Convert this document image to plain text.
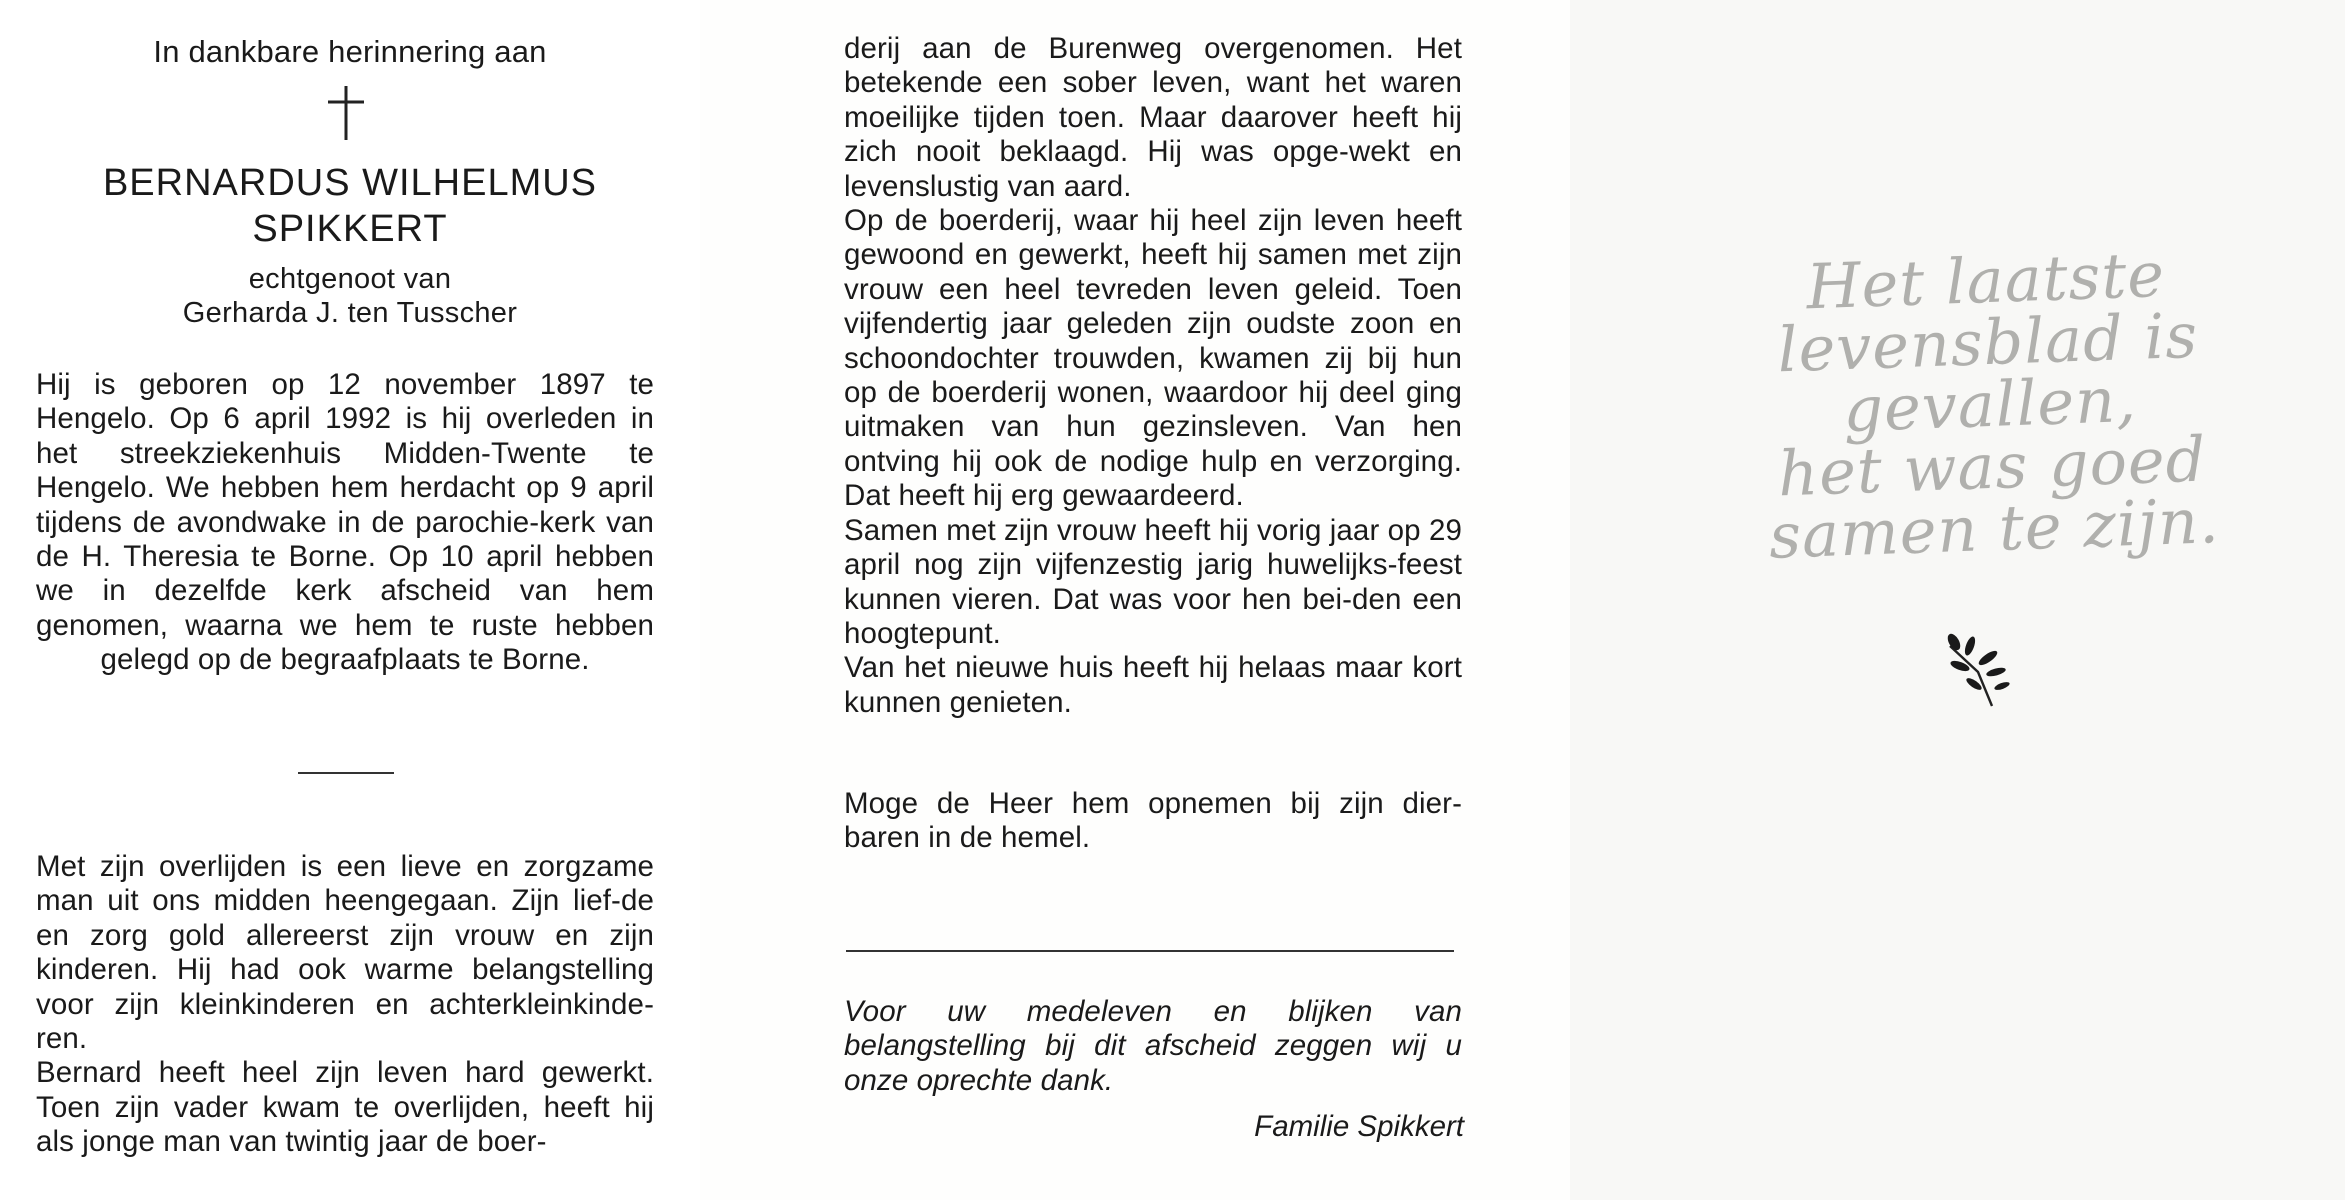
In dankbare herinnering aan
BERNARDUS WILHELMUS
SPIKKERT
echtgenoot van
Gerharda J. ten Tusscher

Hij is geboren op 12 november 1897 te Hengelo. Op 6 april 1992 is hij overleden in het streekziekenhuis Midden-Twente te Hengelo. We hebben hem herdacht op 9 april tijdens de avondwake in de parochie-kerk van de H. Theresia te Borne. Op 10 april hebben we in dezelfde kerk afscheid van hem genomen, waarna we hem te ruste hebben gelegd op de begraafplaats te Borne.

Met zijn overlijden is een lieve en zorgzame man uit ons midden heengegaan. Zijn lief-de en zorg gold allereerst zijn vrouw en zijn kinderen. Hij had ook warme belangstelling voor zijn kleinkinderen en achterkleinkinde-ren.

Bernard heeft heel zijn leven hard gewerkt. Toen zijn vader kwam te overlijden, heeft hij als jonge man van twintig jaar de boer-

derij aan de Burenweg overgenomen. Het betekende een sober leven, want het waren moeilijke tijden toen. Maar daarover heeft hij zich nooit beklaagd. Hij was opge-wekt en levenslustig van aard.

Op de boerderij, waar hij heel zijn leven heeft gewoond en gewerkt, heeft hij samen met zijn vrouw een heel tevreden leven geleid. Toen vijfendertig jaar geleden zijn oudste zoon en schoondochter trouwden, kwamen zij bij hun op de boerderij wonen, waardoor hij deel ging uitmaken van hun gezinsleven. Van hen ontving hij ook de nodige hulp en verzorging. Dat heeft hij erg gewaardeerd.

Samen met zijn vrouw heeft hij vorig jaar op 29 april nog zijn vijfenzestig jarig huwelijks-feest kunnen vieren. Dat was voor hen bei-den een hoogtepunt.

Van het nieuwe huis heeft hij helaas maar kort kunnen genieten.

Moge de Heer hem opnemen bij zijn dier-baren in de hemel.

Voor uw medeleven en blijken van belangstelling bij dit afscheid zeggen wij u onze oprechte dank.

Familie Spikkert
Het laatste
levensblad is gevallen,
het was goed
samen te zijn.
